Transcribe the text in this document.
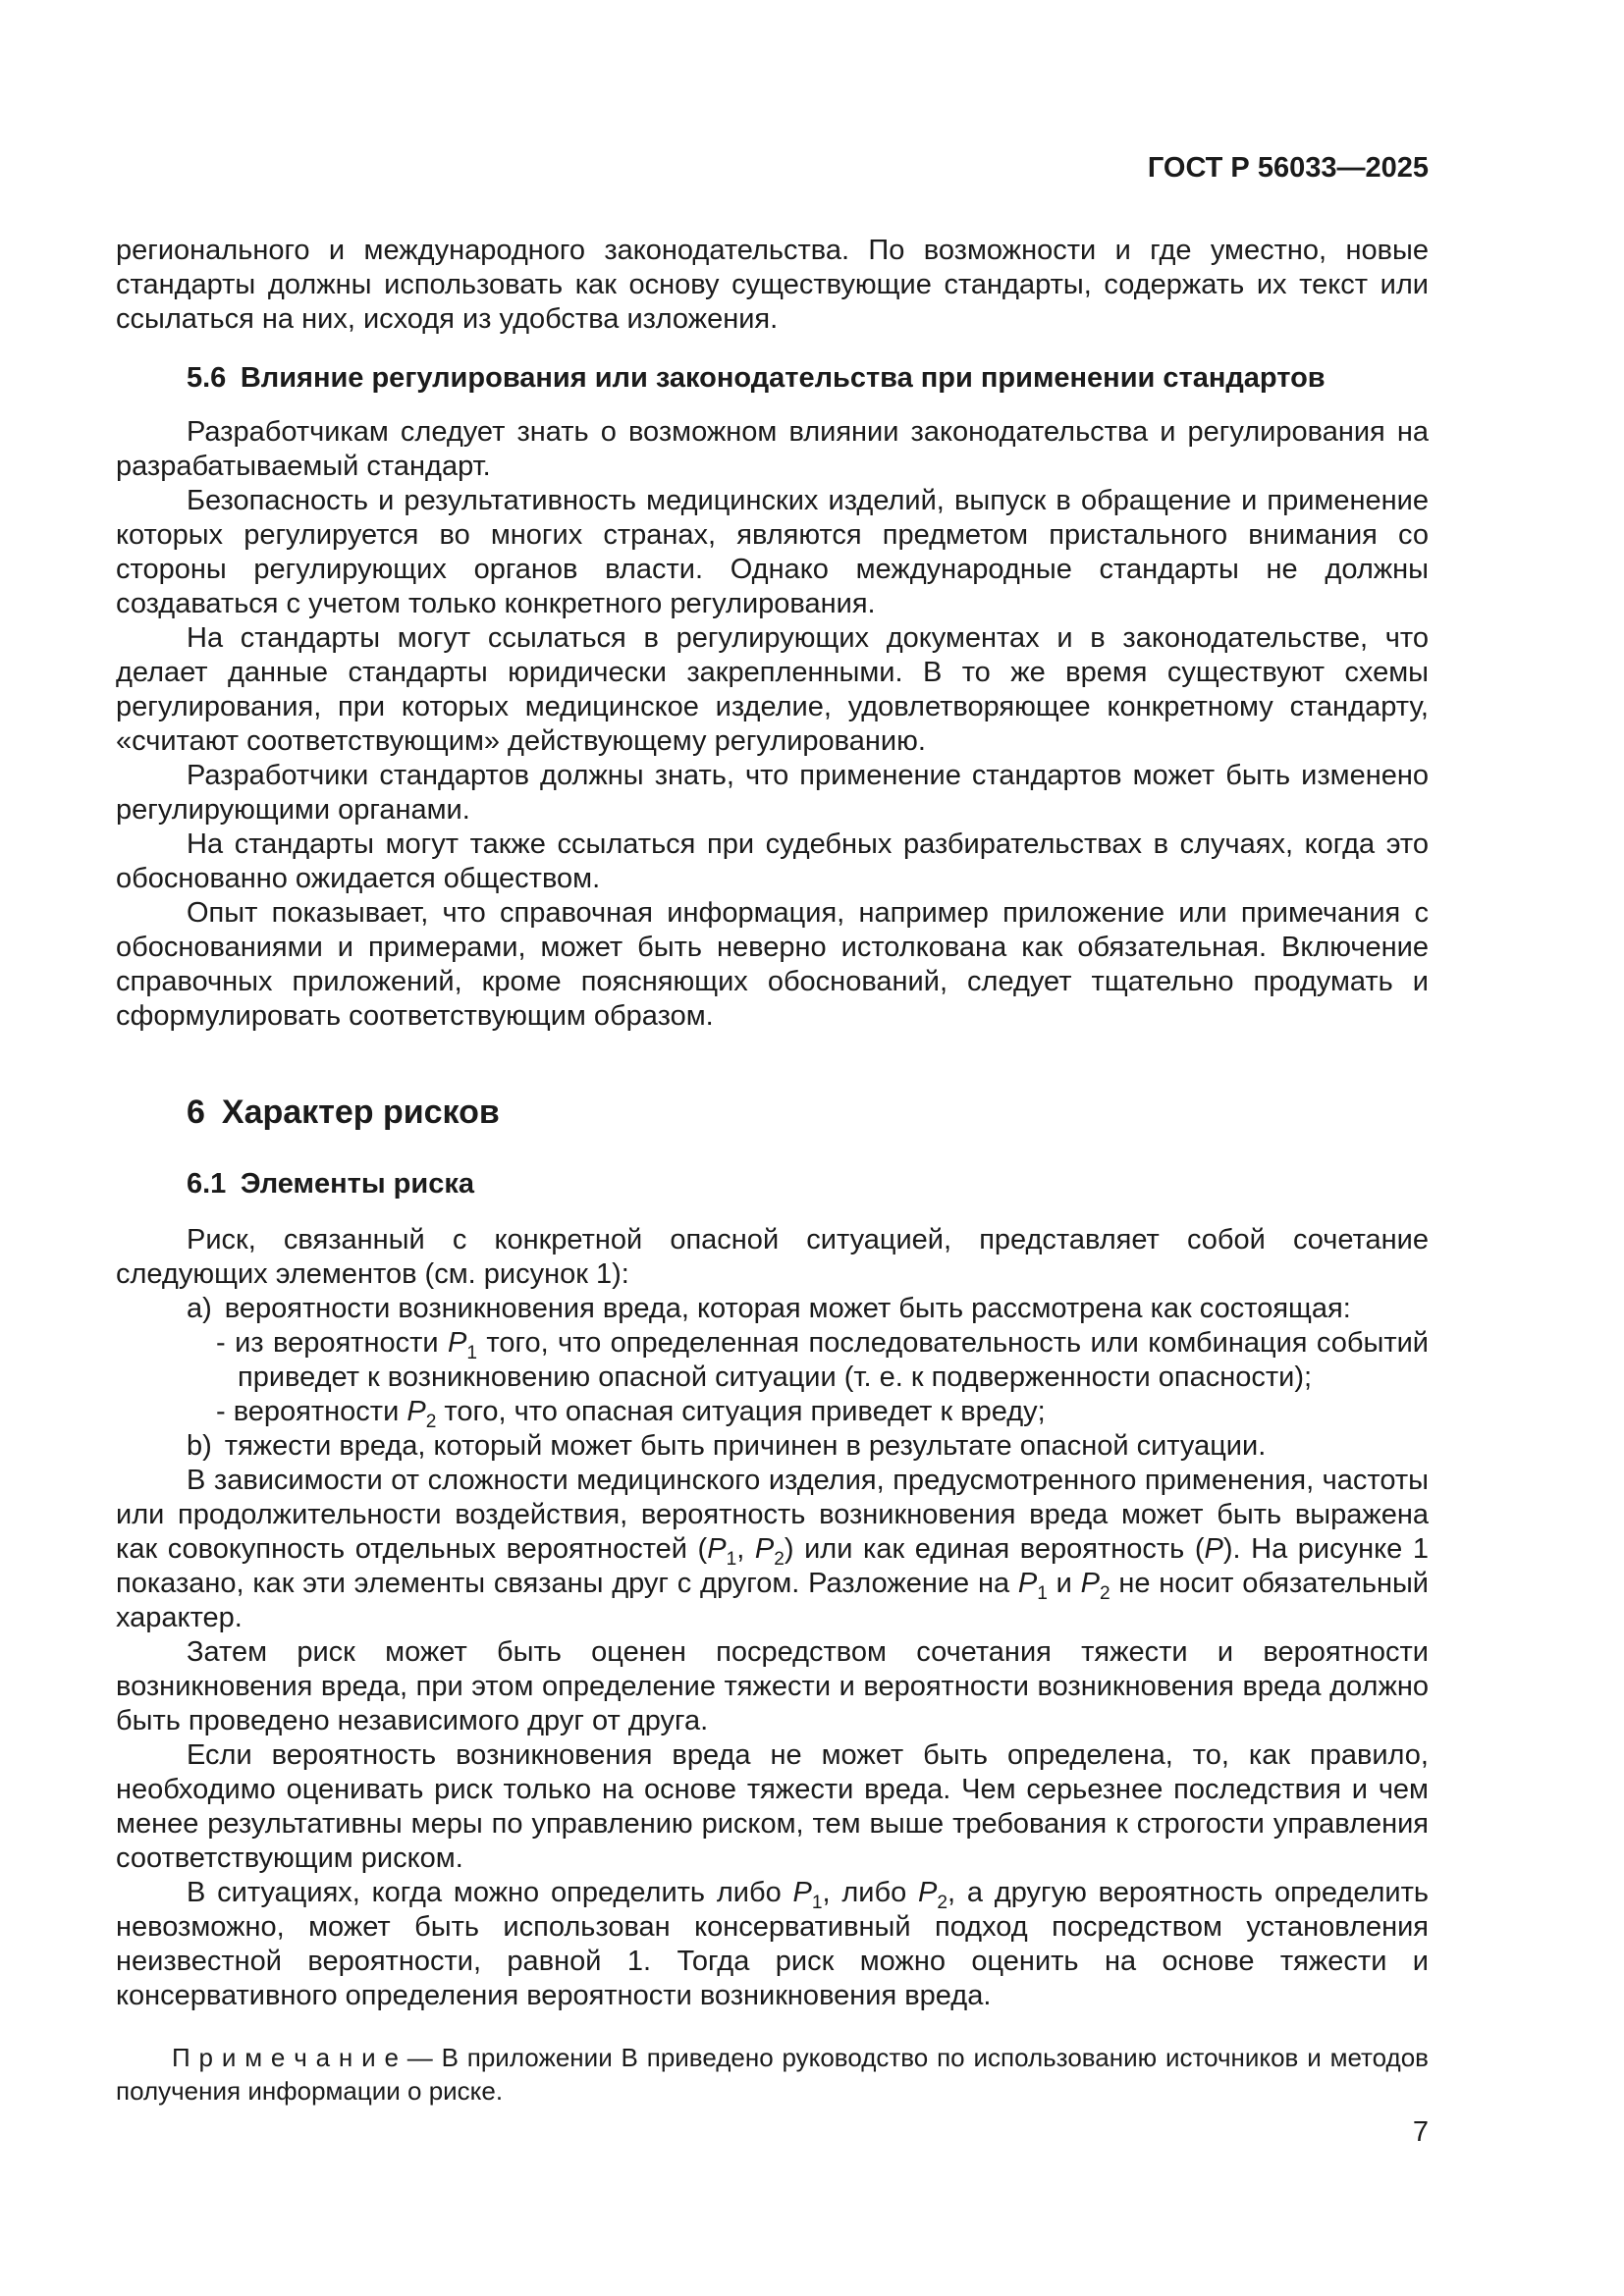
ГОСТ Р 56033—2025

регионального и международного законодательства. По возможности и где уместно, новые стандарты должны использовать как основу существующие стандарты, содержать их текст или ссылаться на них, исходя из удобства изложения.

5.6  Влияние регулирования или законодательства при применении стандартов

Разработчикам следует знать о возможном влиянии законодательства и регулирования на разрабатываемый стандарт.

Безопасность и результативность медицинских изделий, выпуск в обращение и применение которых регулируется во многих странах, являются предметом пристального внимания со стороны регулирующих органов власти. Однако международные стандарты не должны создаваться с учетом только конкретного регулирования.

На стандарты могут ссылаться в регулирующих документах и в законодательстве, что делает данные стандарты юридически закрепленными. В то же время существуют схемы регулирования, при которых медицинское изделие, удовлетворяющее конкретному стандарту, «считают соответствующим» действующему регулированию.

Разработчики стандартов должны знать, что применение стандартов может быть изменено регулирующими органами.

На стандарты могут также ссылаться при судебных разбирательствах в случаях, когда это обоснованно ожидается обществом.

Опыт показывает, что справочная информация, например приложение или примечания с обоснованиями и примерами, может быть неверно истолкована как обязательная. Включение справочных приложений, кроме поясняющих обоснований, следует тщательно продумать и сформулировать соответствующим образом.

6  Характер рисков
6.1  Элементы риска

Риск, связанный с конкретной опасной ситуацией, представляет собой сочетание следующих элементов (см. рисунок 1):

a) вероятности возникновения вреда, которая может быть рассмотрена как состоящая:
- из вероятности $P_1$ того, что определенная последовательность или комбинация событий приведет к возникновению опасной ситуации (т. е. к подверженности опасности);
- вероятности $P_2$ того, что опасная ситуация приведет к вреду;
b) тяжести вреда, который может быть причинен в результате опасной ситуации.

В зависимости от сложности медицинского изделия, предусмотренного применения, частоты или продолжительности воздействия, вероятность возникновения вреда может быть выражена как совокупность отдельных вероятностей ($P_1$, $P_2$) или как единая вероятность (P). На рисунке 1 показано, как эти элементы связаны друг с другом. Разложение на $P_1$ и $P_2$ не носит обязательный характер.

Затем риск может быть оценен посредством сочетания тяжести и вероятности возникновения вреда, при этом определение тяжести и вероятности возникновения вреда должно быть проведено независимого друг от друга.

Если вероятность возникновения вреда не может быть определена, то, как правило, необходимо оценивать риск только на основе тяжести вреда. Чем серьезнее последствия и чем менее результативны меры по управлению риском, тем выше требования к строгости управления соответствующим риском.

В ситуациях, когда можно определить либо $P_1$, либо $P_2$, а другую вероятность определить невозможно, может быть использован консервативный подход посредством установления неизвестной вероятности, равной 1. Тогда риск можно оценить на основе тяжести и консервативного определения вероятности возникновения вреда.

П р и м е ч а н и е — В приложении В приведено руководство по использованию источников и методов получения информации о риске.

7
